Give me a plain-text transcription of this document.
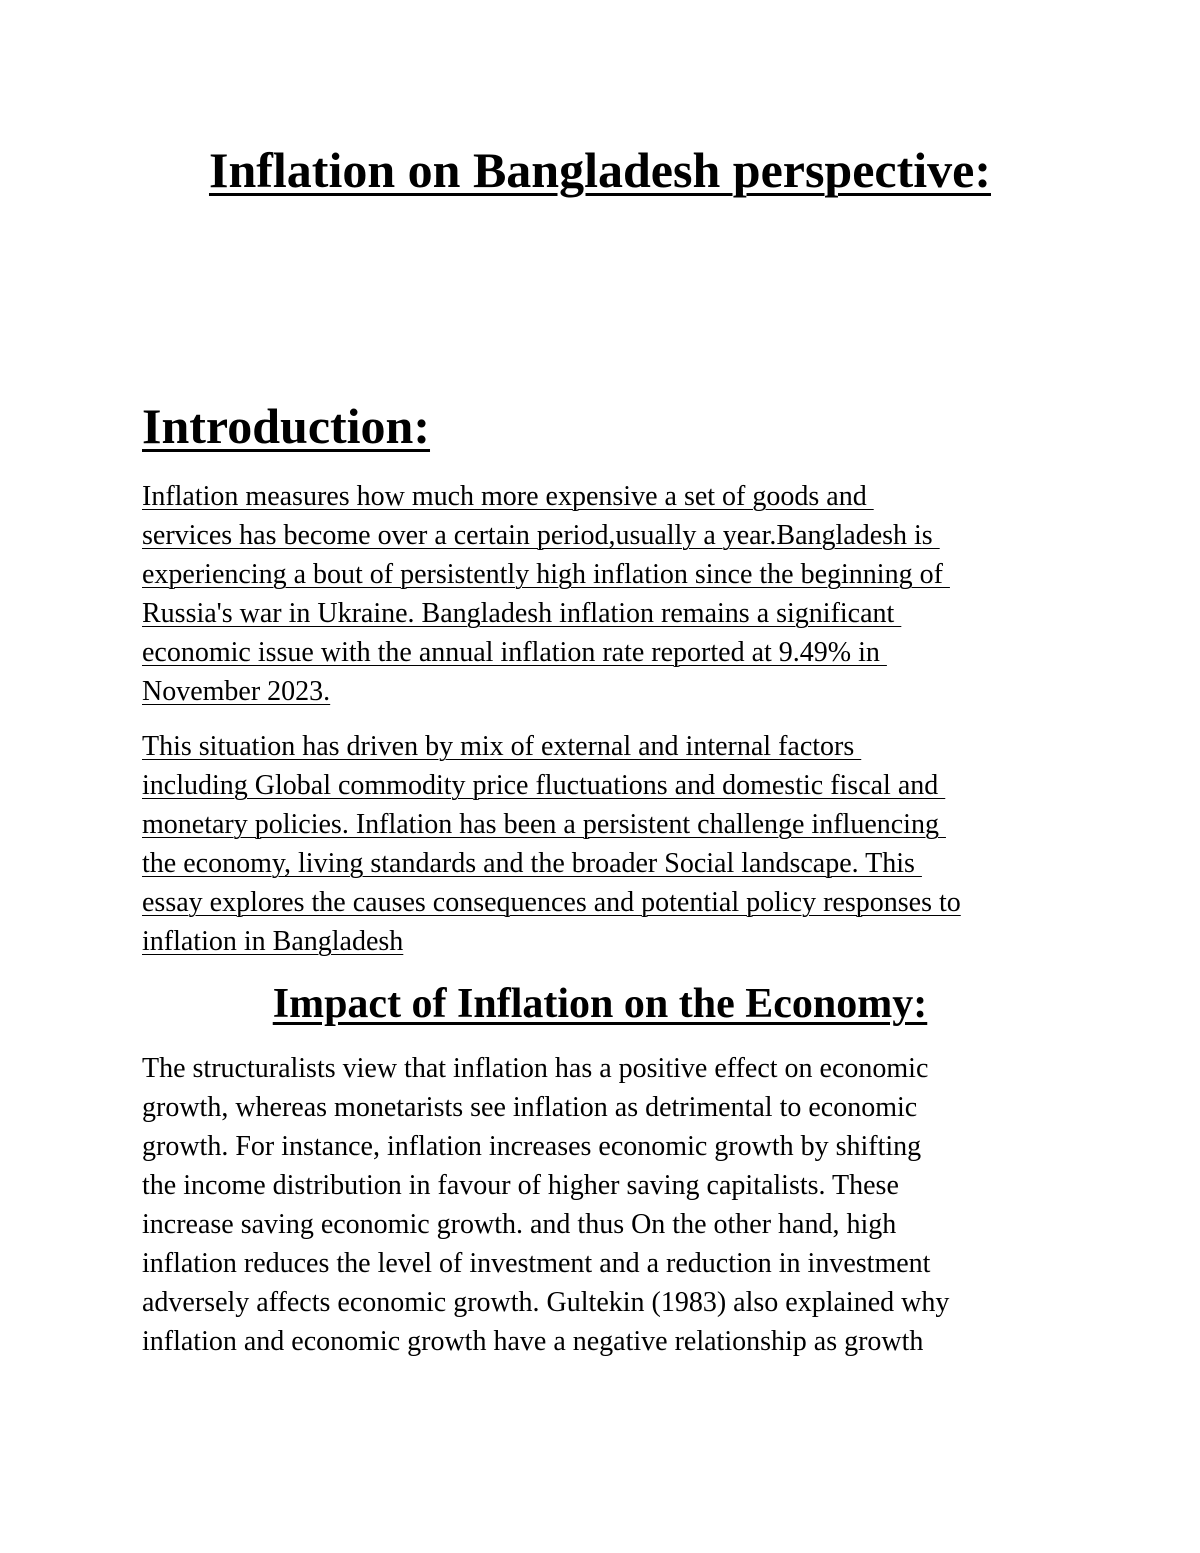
Inflation on Bangladesh perspective:
Introduction:

Inflation measures how much more expensive a set of goods and
services has become over a certain period,usually a year.Bangladesh is
experiencing a bout of persistently high inflation since the beginning of
Russia's war in Ukraine. Bangladesh inflation remains a significant
economic issue with the annual inflation rate reported at 9.49% in
November 2023.

This situation has driven by mix of external and internal factors
including Global commodity price fluctuations and domestic fiscal and
monetary policies. Inflation has been a persistent challenge influencing
the economy, living standards and the broader Social landscape. This
essay explores the causes consequences and potential policy responses to
inflation in Bangladesh

Impact of Inflation on the Economy:

The structuralists view that inflation has a positive effect on economic
growth, whereas monetarists see inflation as detrimental to economic
growth. For instance, inflation increases economic growth by shifting
the income distribution in favour of higher saving capitalists. These
increase saving economic growth. and thus On the other hand, high
inflation reduces the level of investment and a reduction in investment
adversely affects economic growth. Gultekin (1983) also explained why
inflation and economic growth have a negative relationship as growth
